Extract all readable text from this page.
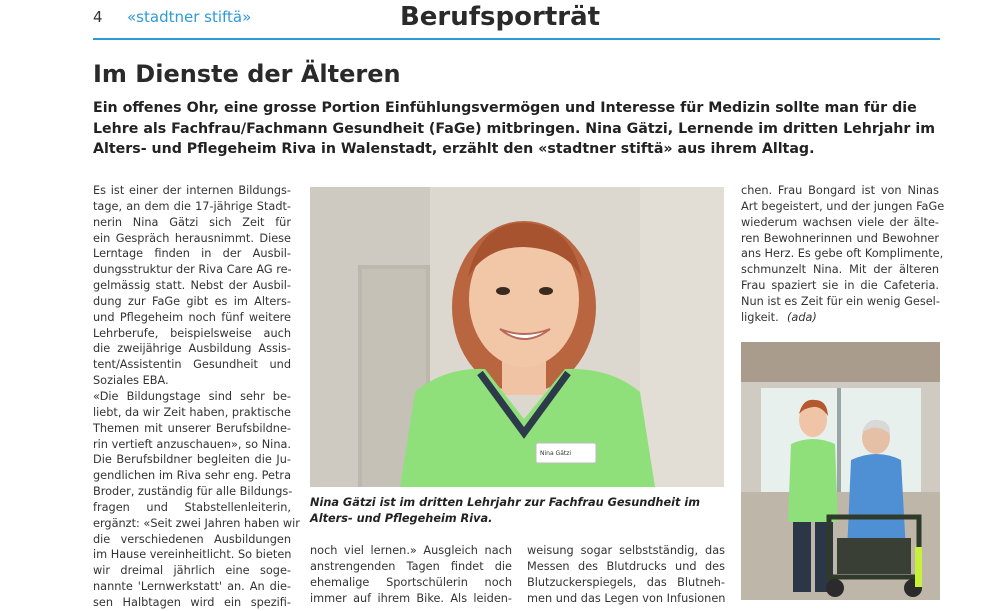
4 «stadtner stiftä»	Berufsporträt
Im Dienste der Älteren

Ein offenes Ohr, eine grosse Portion Einfühlungsvermögen und Interesse für Medizin sollte man für die Lehre als Fachfrau/Fachmann Gesundheit (FaGe) mitbringen. Nina Gätzi, Lernende im dritten Lehrjahr im Alters- und Pflegeheim Riva in Walenstadt, erzählt den «stadtner stiftä» aus ihrem Alltag.

Es ist einer der internen Bildungs-
tage, an dem die 17-jährige Stadt-
nerin Nina Gätzi sich Zeit für
ein Gespräch herausnimmt. Diese
Lerntage finden in der Ausbil-
dungsstruktur der Riva Care AG re-
gelmässig statt. Nebst der Ausbil-
dung zur FaGe gibt es im Alters-
und Pflegeheim noch fünf weitere
Lehrberufe, beispielsweise auch
die zweijährige Ausbildung Assis-
tent/Assistentin Gesundheit und
Soziales EBA.
«Die Bildungstage sind sehr be-
liebt, da wir Zeit haben, praktische
Themen mit unserer Berufsbildne-
rin vertieft anzuschauen», so Nina.
Die Berufsbildner begleiten die Ju-
gendlichen im Riva sehr eng. Petra
Broder, zuständig für alle Bildungs-
fragen und Stabstellenleiterin,
ergänzt: «Seit zwei Jahren haben wir
die verschiedenen Ausbildungen
im Hause vereinheitlicht. So bieten
wir dreimal jährlich eine soge-
nannte 'Lernwerkstatt' an. An die-
sen Halbtagen wird ein spezifi-
Nina Gätzi
Nina Gätzi ist im dritten Lehrjahr zur Fachfrau Gesundheit im Alters- und Pflegeheim Riva.
noch viel lernen.» Ausgleich nach
anstrengenden Tagen findet die
ehemalige Sportschülerin noch
immer auf ihrem Bike. Als leiden-
weisung sogar selbstständig, das
Messen des Blutdrucks und des
Blutzuckerspiegels, das Blutneh-
men und das Legen von Infusionen
chen. Frau Bongard ist von Ninas
Art begeistert, und der jungen FaGe
wiederum wachsen viele der älte-
ren Bewohnerinnen und Bewohner
ans Herz. Es gebe oft Komplimente,
schmunzelt Nina. Mit der älteren
Frau spaziert sie in die Cafeteria.
Nun ist es Zeit für ein wenig Gesel-
ligkeit. (ada)
